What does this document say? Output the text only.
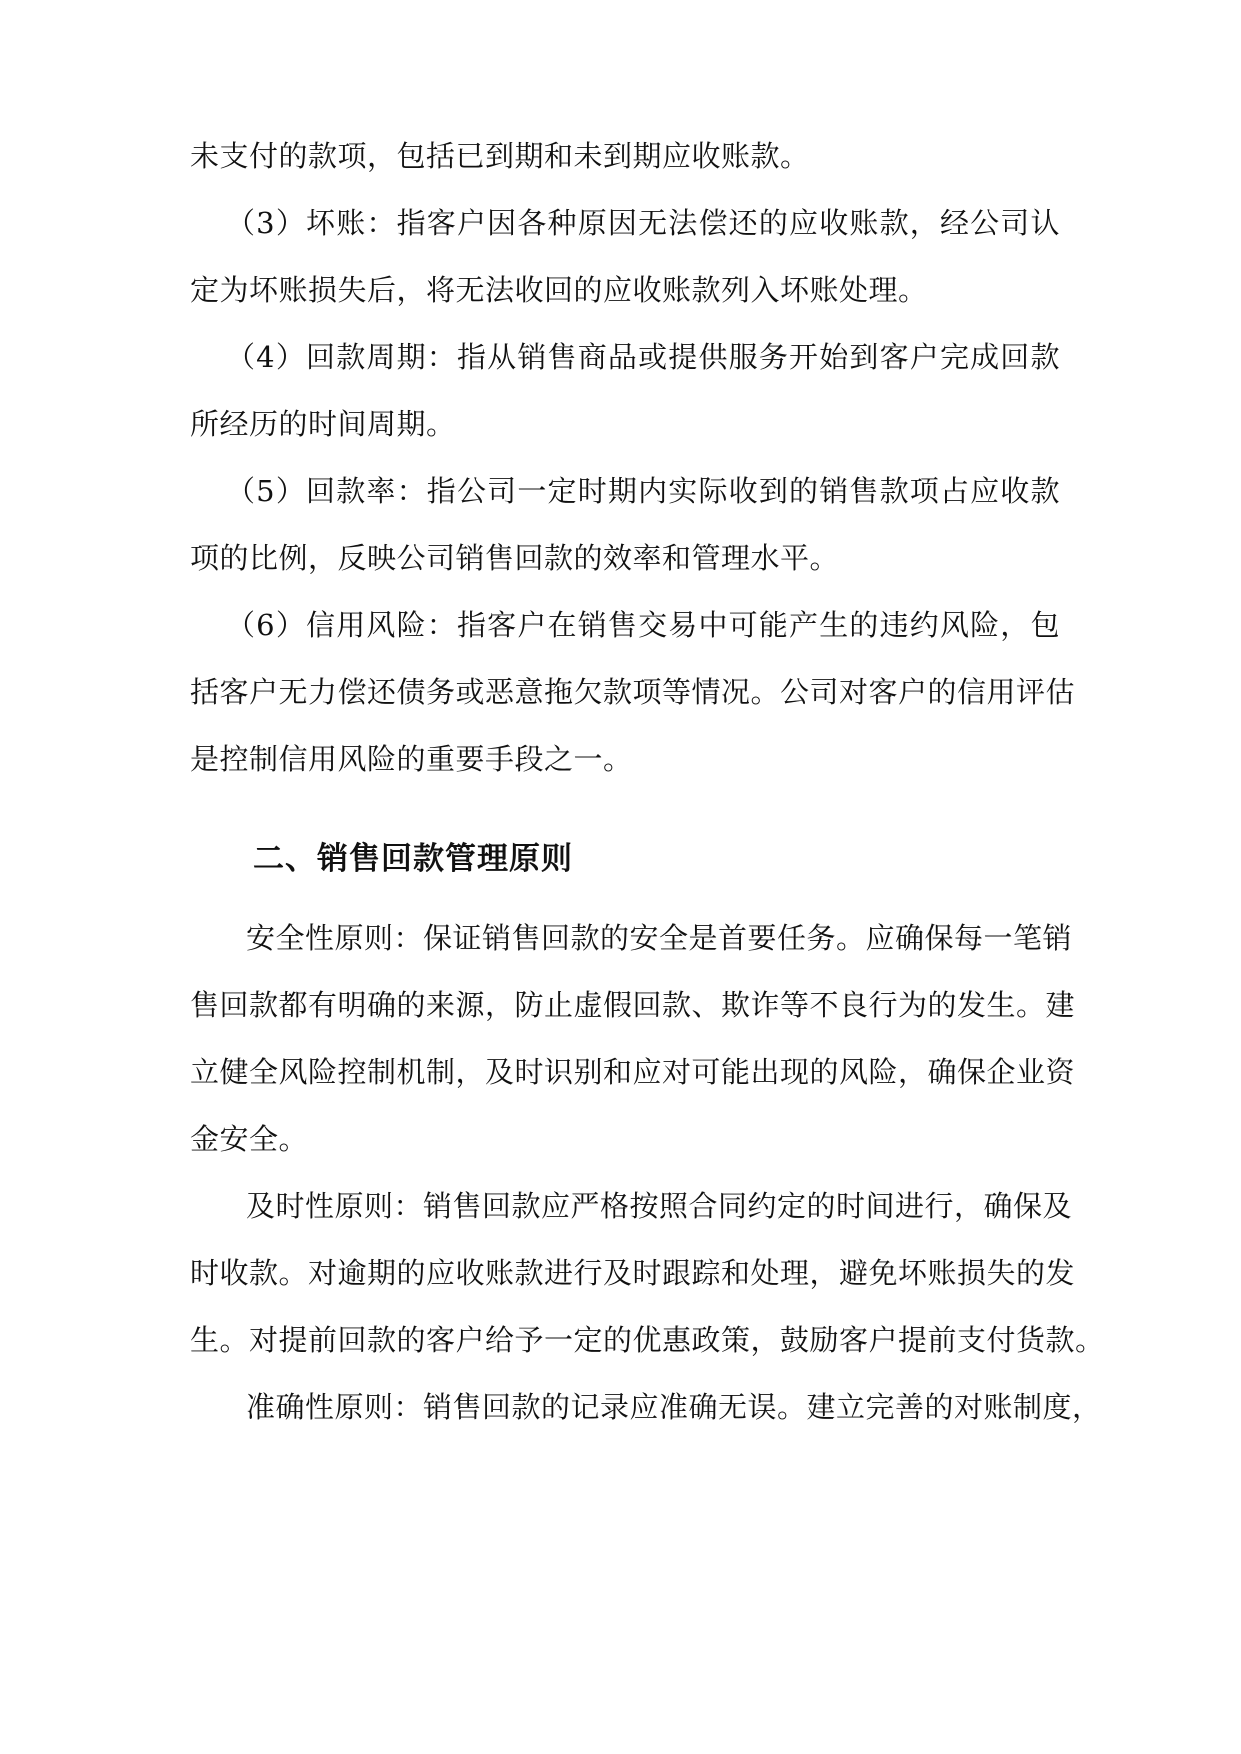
未支付的款项，包括已到期和未到期应收账款。
（3）坏账：指客户因各种原因无法偿还的应收账款，经公司认
定为坏账损失后，将无法收回的应收账款列入坏账处理。
（4）回款周期：指从销售商品或提供服务开始到客户完成回款
所经历的时间周期。
（5）回款率：指公司一定时期内实际收到的销售款项占应收款
项的比例，反映公司销售回款的效率和管理水平。
（6）信用风险：指客户在销售交易中可能产生的违约风险，包
括客户无力偿还债务或恶意拖欠款项等情况。公司对客户的信用评估
是控制信用风险的重要手段之一。
二、销售回款管理原则
安全性原则：保证销售回款的安全是首要任务。应确保每一笔销
售回款都有明确的来源，防止虚假回款、欺诈等不良行为的发生。建
立健全风险控制机制，及时识别和应对可能出现的风险，确保企业资
金安全。
及时性原则：销售回款应严格按照合同约定的时间进行，确保及
时收款。对逾期的应收账款进行及时跟踪和处理，避免坏账损失的发
生。对提前回款的客户给予一定的优惠政策，鼓励客户提前支付货款。
准确性原则：销售回款的记录应准确无误。建立完善的对账制度，
